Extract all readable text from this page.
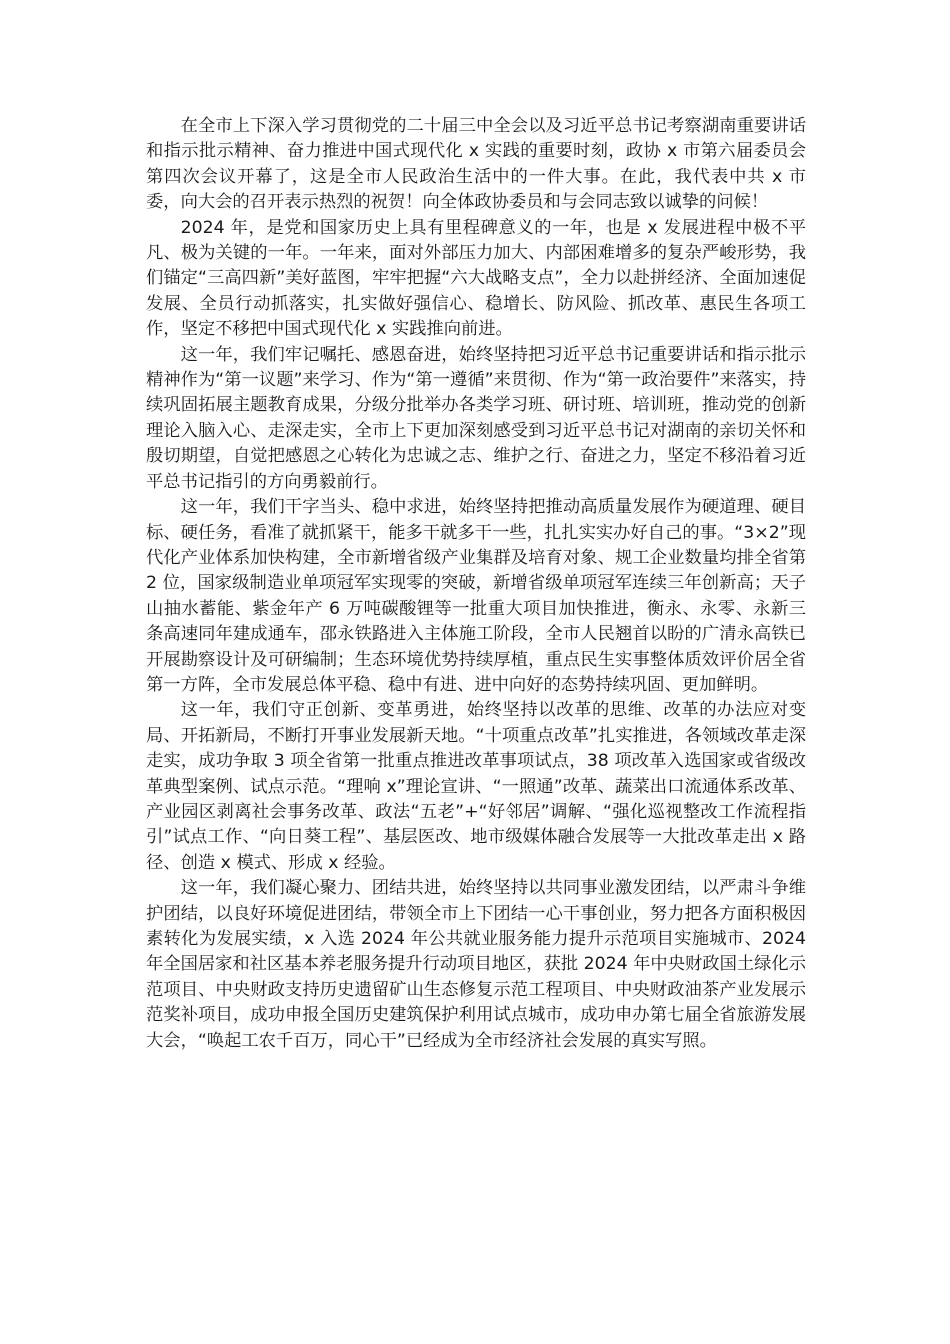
在全市上下深入学习贯彻党的二十届三中全会以及习近平总书记考察湖南重要讲话和指示批示精神、奋力推进中国式现代化 x 实践的重要时刻，政协 x 市第六届委员会第四次会议开幕了，这是全市人民政治生活中的一件大事。在此，我代表中共 x 市委，向大会的召开表示热烈的祝贺！向全体政协委员和与会同志致以诚挚的问候！

2024 年，是党和国家历史上具有里程碑意义的一年，也是 x 发展进程中极不平凡、极为关键的一年。一年来，面对外部压力加大、内部困难增多的复杂严峻形势，我们锚定“三高四新”美好蓝图，牢牢把握“六大战略支点”，全力以赴拼经济、全面加速促发展、全员行动抓落实，扎实做好强信心、稳增长、防风险、抓改革、惠民生各项工作，坚定不移把中国式现代化 x 实践推向前进。

这一年，我们牢记嘱托、感恩奋进，始终坚持把习近平总书记重要讲话和指示批示精神作为“第一议题”来学习、作为“第一遵循”来贯彻、作为“第一政治要件”来落实，持续巩固拓展主题教育成果，分级分批举办各类学习班、研讨班、培训班，推动党的创新理论入脑入心、走深走实，全市上下更加深刻感受到习近平总书记对湖南的亲切关怀和殷切期望，自觉把感恩之心转化为忠诚之志、维护之行、奋进之力，坚定不移沿着习近平总书记指引的方向勇毅前行。

这一年，我们干字当头、稳中求进，始终坚持把推动高质量发展作为硬道理、硬目标、硬任务，看准了就抓紧干，能多干就多干一些，扎扎实实办好自己的事。“3×2”现代化产业体系加快构建，全市新增省级产业集群及培育对象、规工企业数量均排全省第 2 位，国家级制造业单项冠军实现零的突破，新增省级单项冠军连续三年创新高；天子山抽水蓄能、紫金年产 6 万吨碳酸锂等一批重大项目加快推进，衡永、永零、永新三条高速同年建成通车，邵永铁路进入主体施工阶段，全市人民翘首以盼的广清永高铁已开展勘察设计及可研编制；生态环境优势持续厚植，重点民生实事整体质效评价居全省第一方阵，全市发展总体平稳、稳中有进、进中向好的态势持续巩固、更加鲜明。

这一年，我们守正创新、变革勇进，始终坚持以改革的思维、改革的办法应对变局、开拓新局，不断打开事业发展新天地。“十项重点改革”扎实推进，各领域改革走深走实，成功争取 3 项全省第一批重点推进改革事项试点，38 项改革入选国家或省级改革典型案例、试点示范。“理响 x”理论宣讲、“一照通”改革、蔬菜出口流通体系改革、产业园区剥离社会事务改革、政法“五老”+“好邻居”调解、“强化巡视整改工作流程指引”试点工作、“向日葵工程”、基层医改、地市级媒体融合发展等一大批改革走出 x 路径、创造 x 模式、形成 x 经验。

这一年，我们凝心聚力、团结共进，始终坚持以共同事业激发团结，以严肃斗争维护团结，以良好环境促进团结，带领全市上下团结一心干事创业，努力把各方面积极因素转化为发展实绩，x 入选 2024 年公共就业服务能力提升示范项目实施城市、2024 年全国居家和社区基本养老服务提升行动项目地区，获批 2024 年中央财政国土绿化示范项目、中央财政支持历史遗留矿山生态修复示范工程项目、中央财政油茶产业发展示范奖补项目，成功申报全国历史建筑保护利用试点城市，成功申办第七届全省旅游发展大会，“唤起工农千百万，同心干”已经成为全市经济社会发展的真实写照。
